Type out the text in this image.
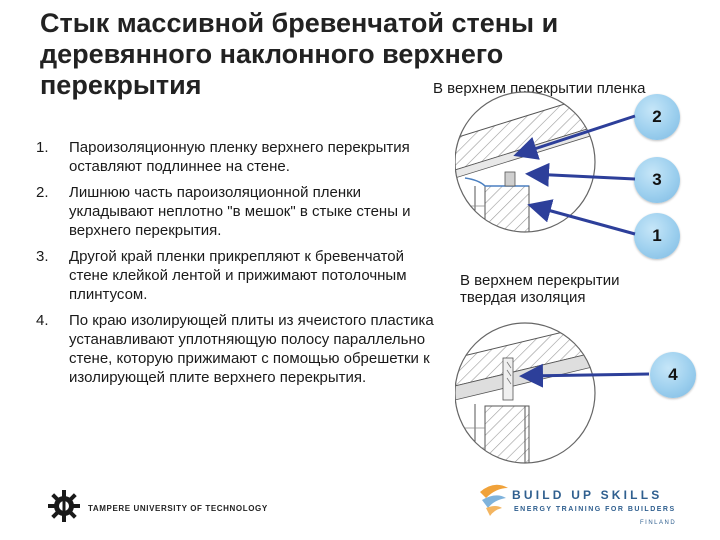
Стык массивной бревенчатой стены и деревянного наклонного верхнего перекрытия	В верхнем перекрытии пленка
2
3
1
4
1.	Пароизоляционную пленку верхнего перекрытия оставляют подлиннее на стене.
2.	Лишнюю часть пароизоляционной пленки укладывают неплотно "в мешок" в стыке стены и верхнего перекрытия.
3.	Другой край пленки прикрепляют к бревенчатой стене клейкой лентой и прижимают потолочным плинтусом.
4.	По краю изолирующей плиты из ячеистого пластика устанавливают уплотняющую полосу параллельно стене, которую прижимают с помощью обрешетки к изолирующей плите верхнего перекрытия.
В верхнем перекрытии твердая изоляция
TAMPERE UNIVERSITY OF TECHNOLOGY
BUILD UP SKILLS
ENERGY TRAINING FOR BUILDERS
FINLAND
